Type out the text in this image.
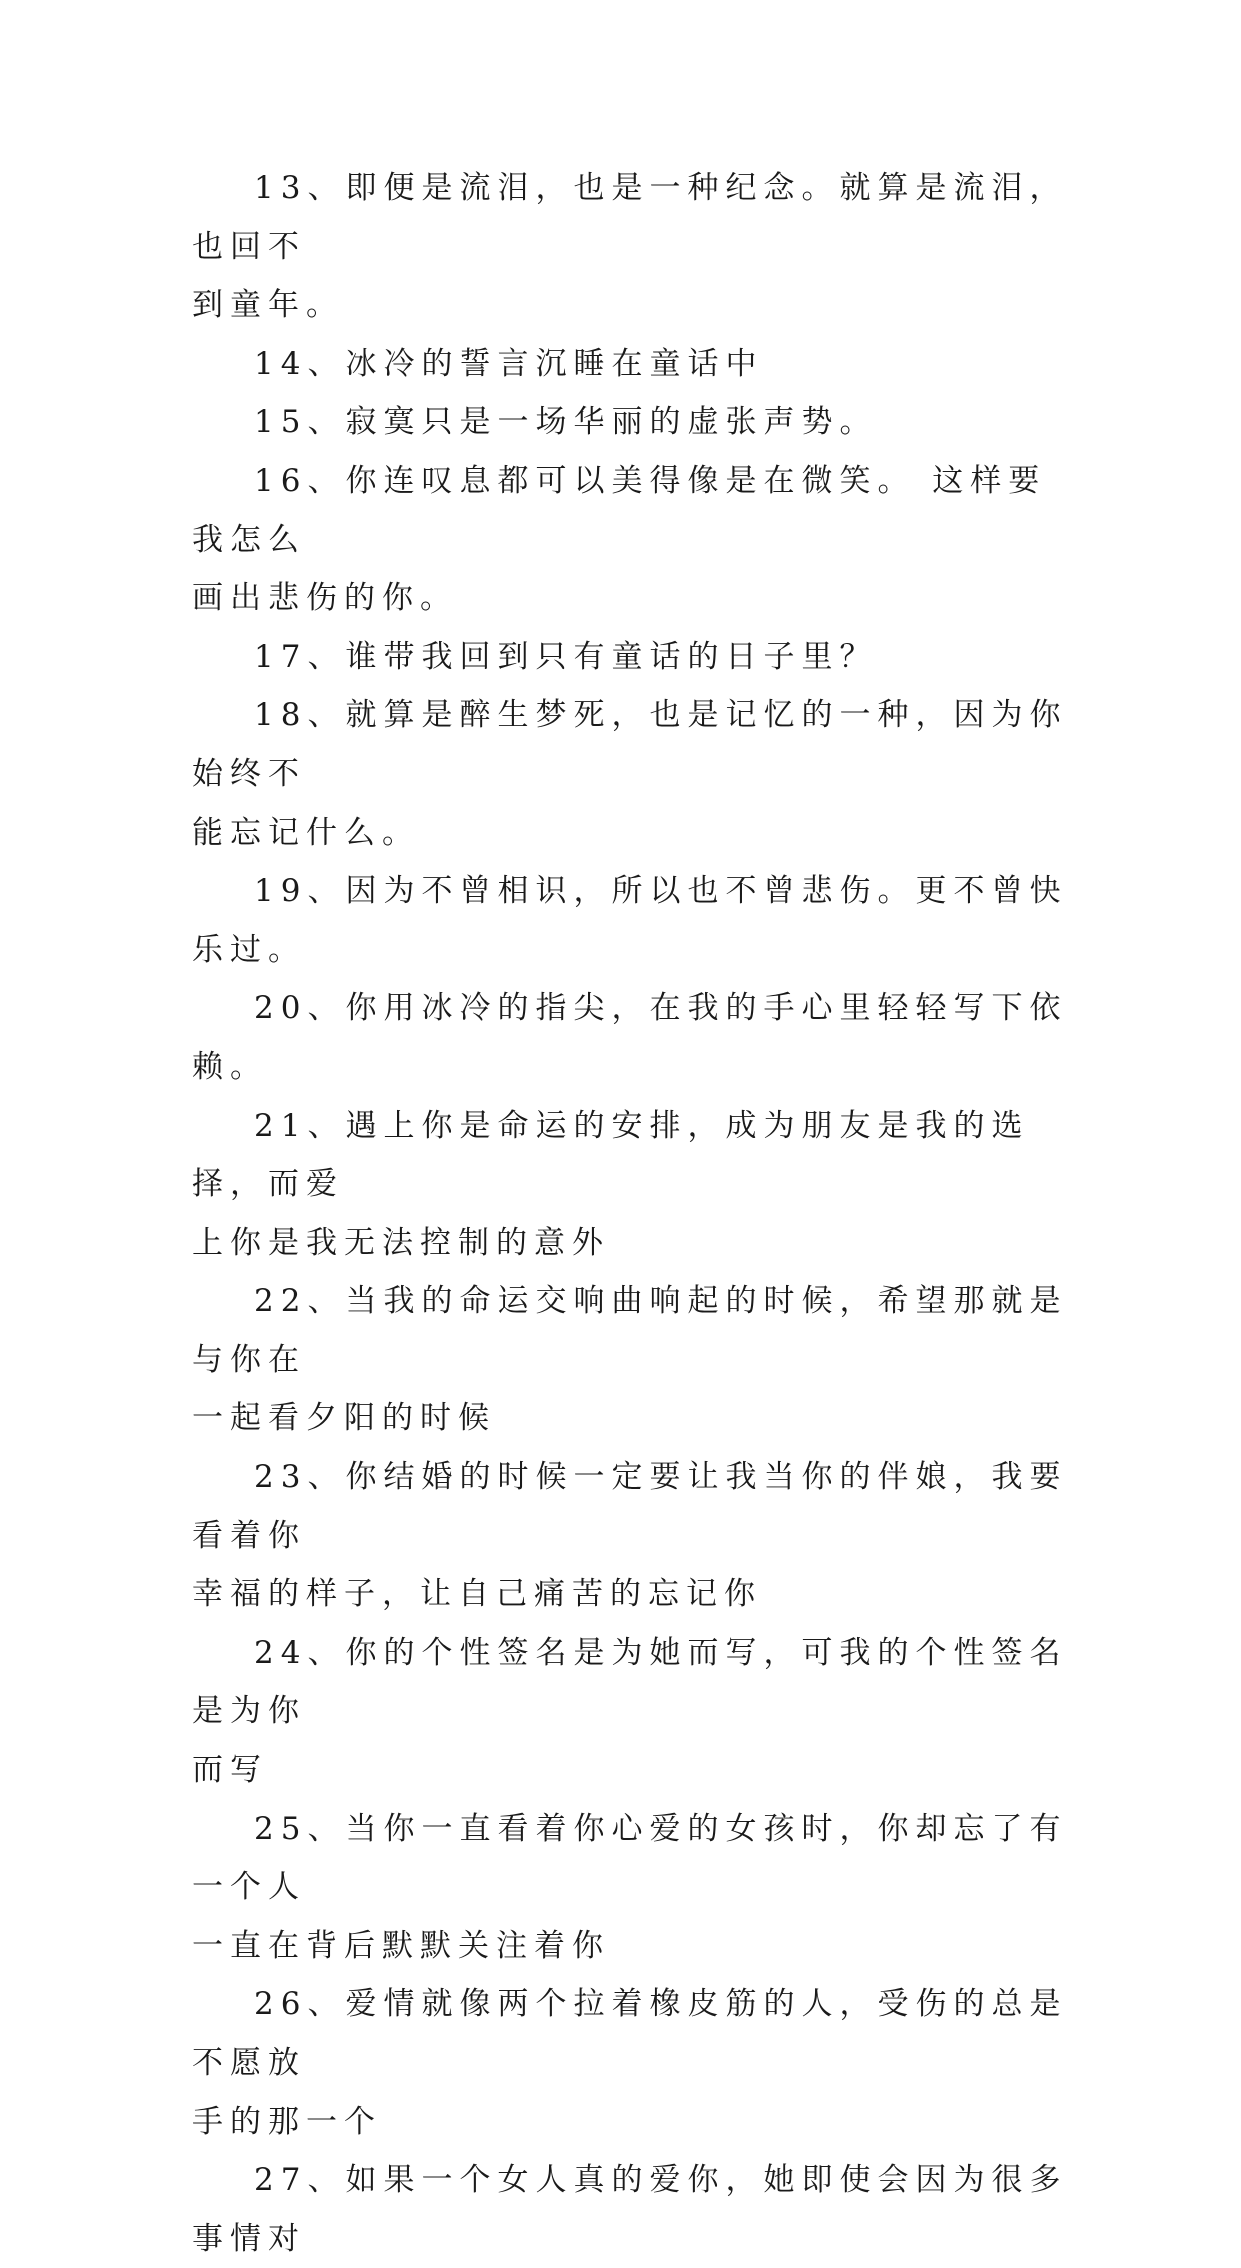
13、即便是流泪，也是一种纪念。就算是流泪，也回不

到童年。

14、冰冷的誓言沉睡在童话中

15、寂寞只是一场华丽的虚张声势。

16、你连叹息都可以美得像是在微笑。 这样要我怎么

画出悲伤的你。

17、谁带我回到只有童话的日子里？

18、就算是醉生梦死，也是记忆的一种，因为你始终不

能忘记什么。

19、因为不曾相识，所以也不曾悲伤。更不曾快乐过。

20、你用冰冷的指尖，在我的手心里轻轻写下依赖。

21、遇上你是命运的安排，成为朋友是我的选择，而爱

上你是我无法控制的意外

22、当我的命运交响曲响起的时候，希望那就是与你在

一起看夕阳的时候

23、你结婚的时候一定要让我当你的伴娘，我要看着你

幸福的样子，让自己痛苦的忘记你

24、你的个性签名是为她而写，可我的个性签名是为你

而写

25、当你一直看着你心爱的女孩时，你却忘了有一个人

一直在背后默默关注着你

26、爱情就像两个拉着橡皮筋的人，受伤的总是不愿放

手的那一个

27、如果一个女人真的爱你，她即使会因为很多事情对
